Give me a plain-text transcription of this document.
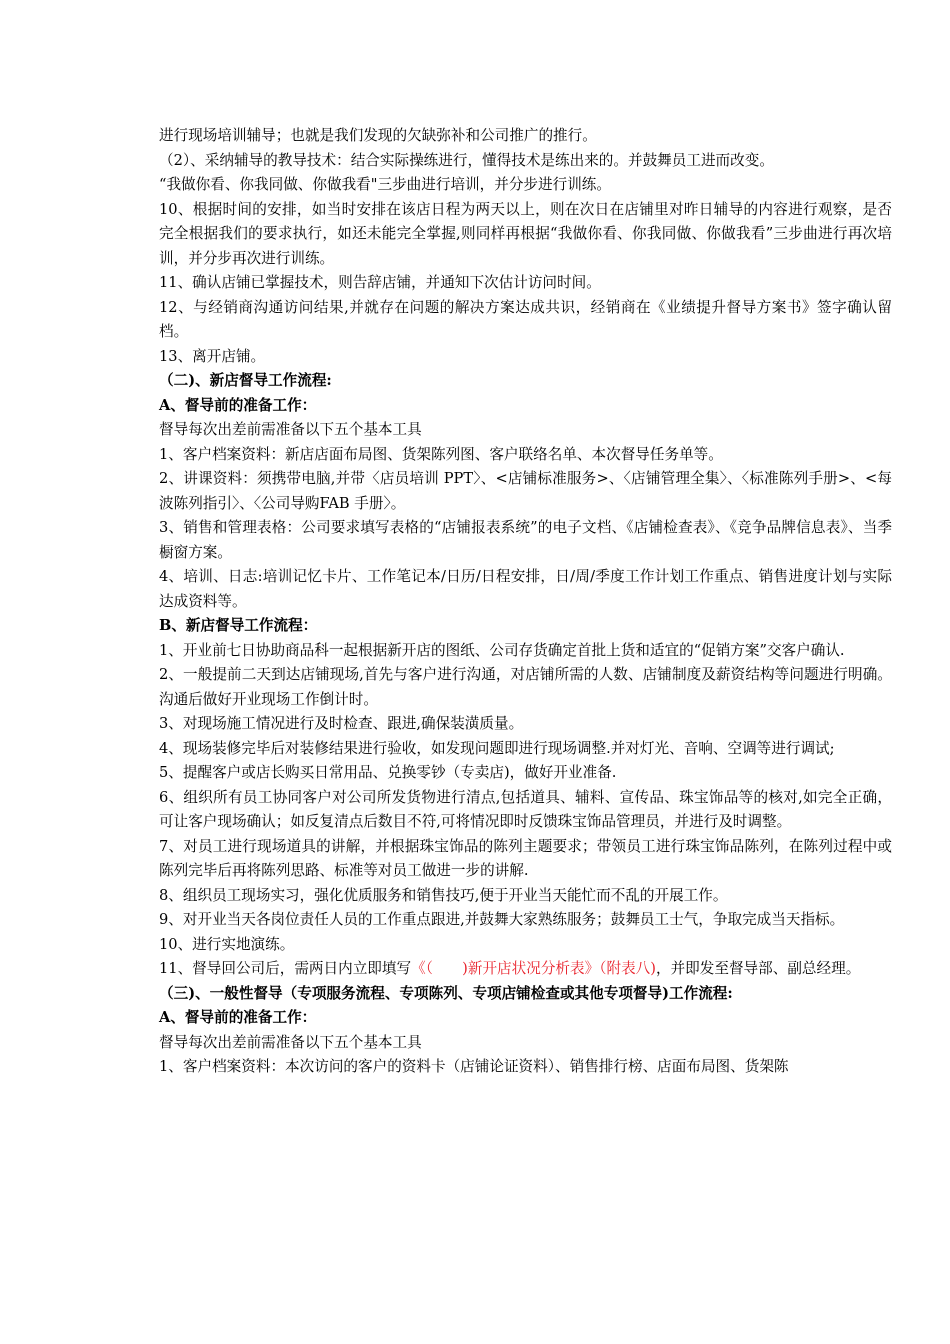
进行现场培训辅导；也就是我们发现的欠缺弥补和公司推广的推行。

（2）、采纳辅导的教导技术：结合实际操练进行，懂得技术是练出来的。并鼓舞员工进而改变。

“我做你看、你我同做、你做我看"三步曲进行培训，并分步进行训练。

10、根据时间的安排，如当时安排在该店日程为两天以上，则在次日在店铺里对昨日辅导的内容进行观察，是否完全根据我们的要求执行，如还未能完全掌握,则同样再根据“我做你看、你我同做、你做我看”三步曲进行再次培训，并分步再次进行训练。

11、确认店铺已掌握技术，则告辞店铺，并通知下次估计访问时间。

12、与经销商沟通访问结果,并就存在问题的解决方案达成共识，经销商在《业绩提升督导方案书》签字确认留档。

13、离开店铺。

（二)、新店督导工作流程:

A、督导前的准备工作：

督导每次出差前需准备以下五个基本工具

1、客户档案资料：新店店面布局图、货架陈列图、客户联络名单、本次督导任务单等。

2、讲课资料：须携带电脑,并带〈店员培训 PPT〉、<店铺标准服务>、〈店铺管理全集〉、〈标准陈列手册>、<每波陈列指引〉、〈公司导购FAB 手册〉。

3、销售和管理表格：公司要求填写表格的“店铺报表系统”的电子文档、《店铺检查表》、《竞争品牌信息表》、当季橱窗方案。

4、培训、日志:培训记忆卡片、工作笔记本/日历/日程安排，日/周/季度工作计划工作重点、销售进度计划与实际达成资料等。

B、新店督导工作流程：

1、开业前七日协助商品科一起根据新开店的图纸、公司存货确定首批上货和适宜的“促销方案”交客户确认.

2、一般提前二天到达店铺现场,首先与客户进行沟通，对店铺所需的人数、店铺制度及薪资结构等问题进行明确。沟通后做好开业现场工作倒计时。

3、对现场施工情况进行及时检查、跟进,确保装潢质量。

4、现场装修完毕后对装修结果进行验收，如发现问题即进行现场调整.并对灯光、音响、空调等进行调试;

5、提醒客户或店长购买日常用品、兑换零钞（专卖店)，做好开业准备.

6、组织所有员工协同客户对公司所发货物进行清点,包括道具、辅料、宣传品、珠宝饰品等的核对,如完全正确，可让客户现场确认；如反复清点后数目不符,可将情况即时反馈珠宝饰品管理员，并进行及时调整。

7、对员工进行现场道具的讲解，并根据珠宝饰品的陈列主题要求；带领员工进行珠宝饰品陈列，在陈列过程中或陈列完毕后再将陈列思路、标准等对员工做进一步的讲解.

8、组织员工现场实习，强化优质服务和销售技巧,便于开业当天能忙而不乱的开展工作。

9、对开业当天各岗位责任人员的工作重点跟进,并鼓舞大家熟练服务；鼓舞员工士气，争取完成当天指标。

10、进行实地演练。

11、督导回公司后，需两日内立即填写《（　　)新开店状况分析表》（附表八)，并即发至督导部、副总经理。

（三)、一般性督导（专项服务流程、专项陈列、专项店铺检查或其他专项督导)工作流程:

A、督导前的准备工作：

督导每次出差前需准备以下五个基本工具

1、客户档案资料：本次访问的客户的资料卡（店铺论证资料）、销售排行榜、店面布局图、货架陈
